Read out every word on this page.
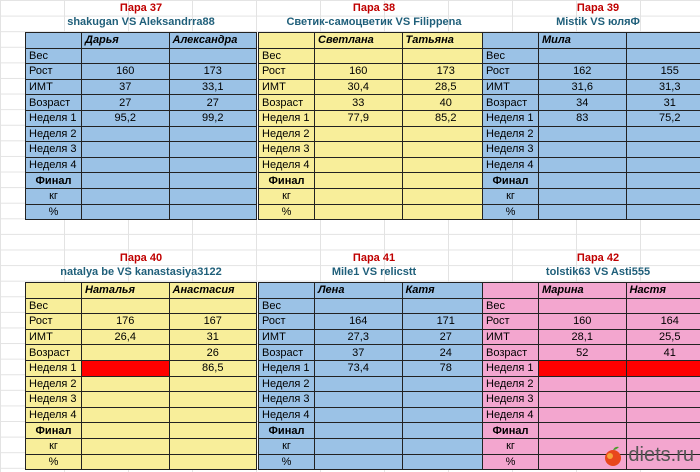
Пара 37
shakugan VS Aleksandrra88
	Дарья	Александра
Вес		
Рост	160	173
ИМТ	37	33,1
Возраст	27	27
Неделя 1	95,2	99,2
Неделя 2		
Неделя 3		
Неделя 4		
Финал		
кг		
%		
Пара 38
Светик-самоцветик VS Filippena
	Светлана	Татьяна
Вес		
Рост	160	173
ИМТ	30,4	28,5
Возраст	33	40
Неделя 1	77,9	85,2
Неделя 2		
Неделя 3		
Неделя 4		
Финал		
кг		
%		
Пара 39
Mistik VS юляФ
	Мила	
Вес		
Рост	162	155
ИМТ	31,6	31,3
Возраст	34	31
Неделя 1	83	75,2
Неделя 2		
Неделя 3		
Неделя 4		
Финал		
кг		
%		
Пара 40
natalya be VS kanastasiya3122
	Наталья	Анастасия
Вес		
Рост	176	167
ИМТ	26,4	31
Возраст		26
Неделя 1		86,5
Неделя 2		
Неделя 3		
Неделя 4		
Финал		
кг		
%		
Пара 41
Mile1 VS relicstt
	Лена	Катя
Вес		
Рост	164	171
ИМТ	27,3	27
Возраст	37	24
Неделя 1	73,4	78
Неделя 2		
Неделя 3		
Неделя 4		
Финал		
кг		
%		
Пара 42
tolstik63 VS Asti555
	Марина	Настя
Вес		
Рост	160	164
ИМТ	28,1	25,5
Возраст	52	41
Неделя 1		
Неделя 2		
Неделя 3		
Неделя 4		
Финал		
кг		
%			diets.ru
